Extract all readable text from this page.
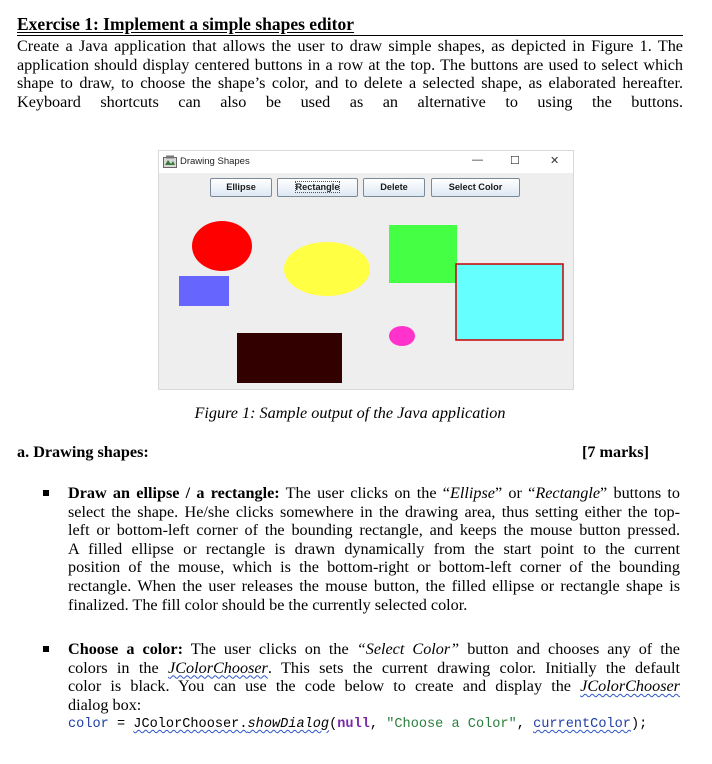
Exercise 1: Implement a simple shapes editor

Create a Java application that allows the user to draw simple shapes, as depicted in Figure 1. The application should display centered buttons in a row at the top. The buttons are used to select which shape to draw, to choose the shape’s color, and to delete a selected shape, as elaborated hereafter. Keyboard shortcuts can also be used as an alternative to using the buttons.

Drawing Shapes	— ☐	✕
Ellipse	Rectangle	Delete	Select Color
Figure 1: Sample output of the Java application
a. Drawing shapes:	[7 marks]
Draw an ellipse / a rectangle: The user clicks on the “Ellipse” or “Rectangle” buttons to
select the shape. He/she clicks somewhere in the drawing area, thus setting either the top-
left or bottom-left corner of the bounding rectangle, and keeps the mouse button pressed.
A filled ellipse or rectangle is drawn dynamically from the start point to the current
position of the mouse, which is the bottom-right or bottom-left corner of the bounding
rectangle. When the user releases the mouse button, the filled ellipse or rectangle shape is
finalized. The fill color should be the currently selected color.
Choose a color: The user clicks on the “Select Color” button and chooses any of the
colors in the JColorChooser. This sets the current drawing color. Initially the default
color is black. You can use the code below to create and display the JColorChooser
dialog box:
color = JColorChooser.showDialog(null, "Choose a Color", currentColor);
